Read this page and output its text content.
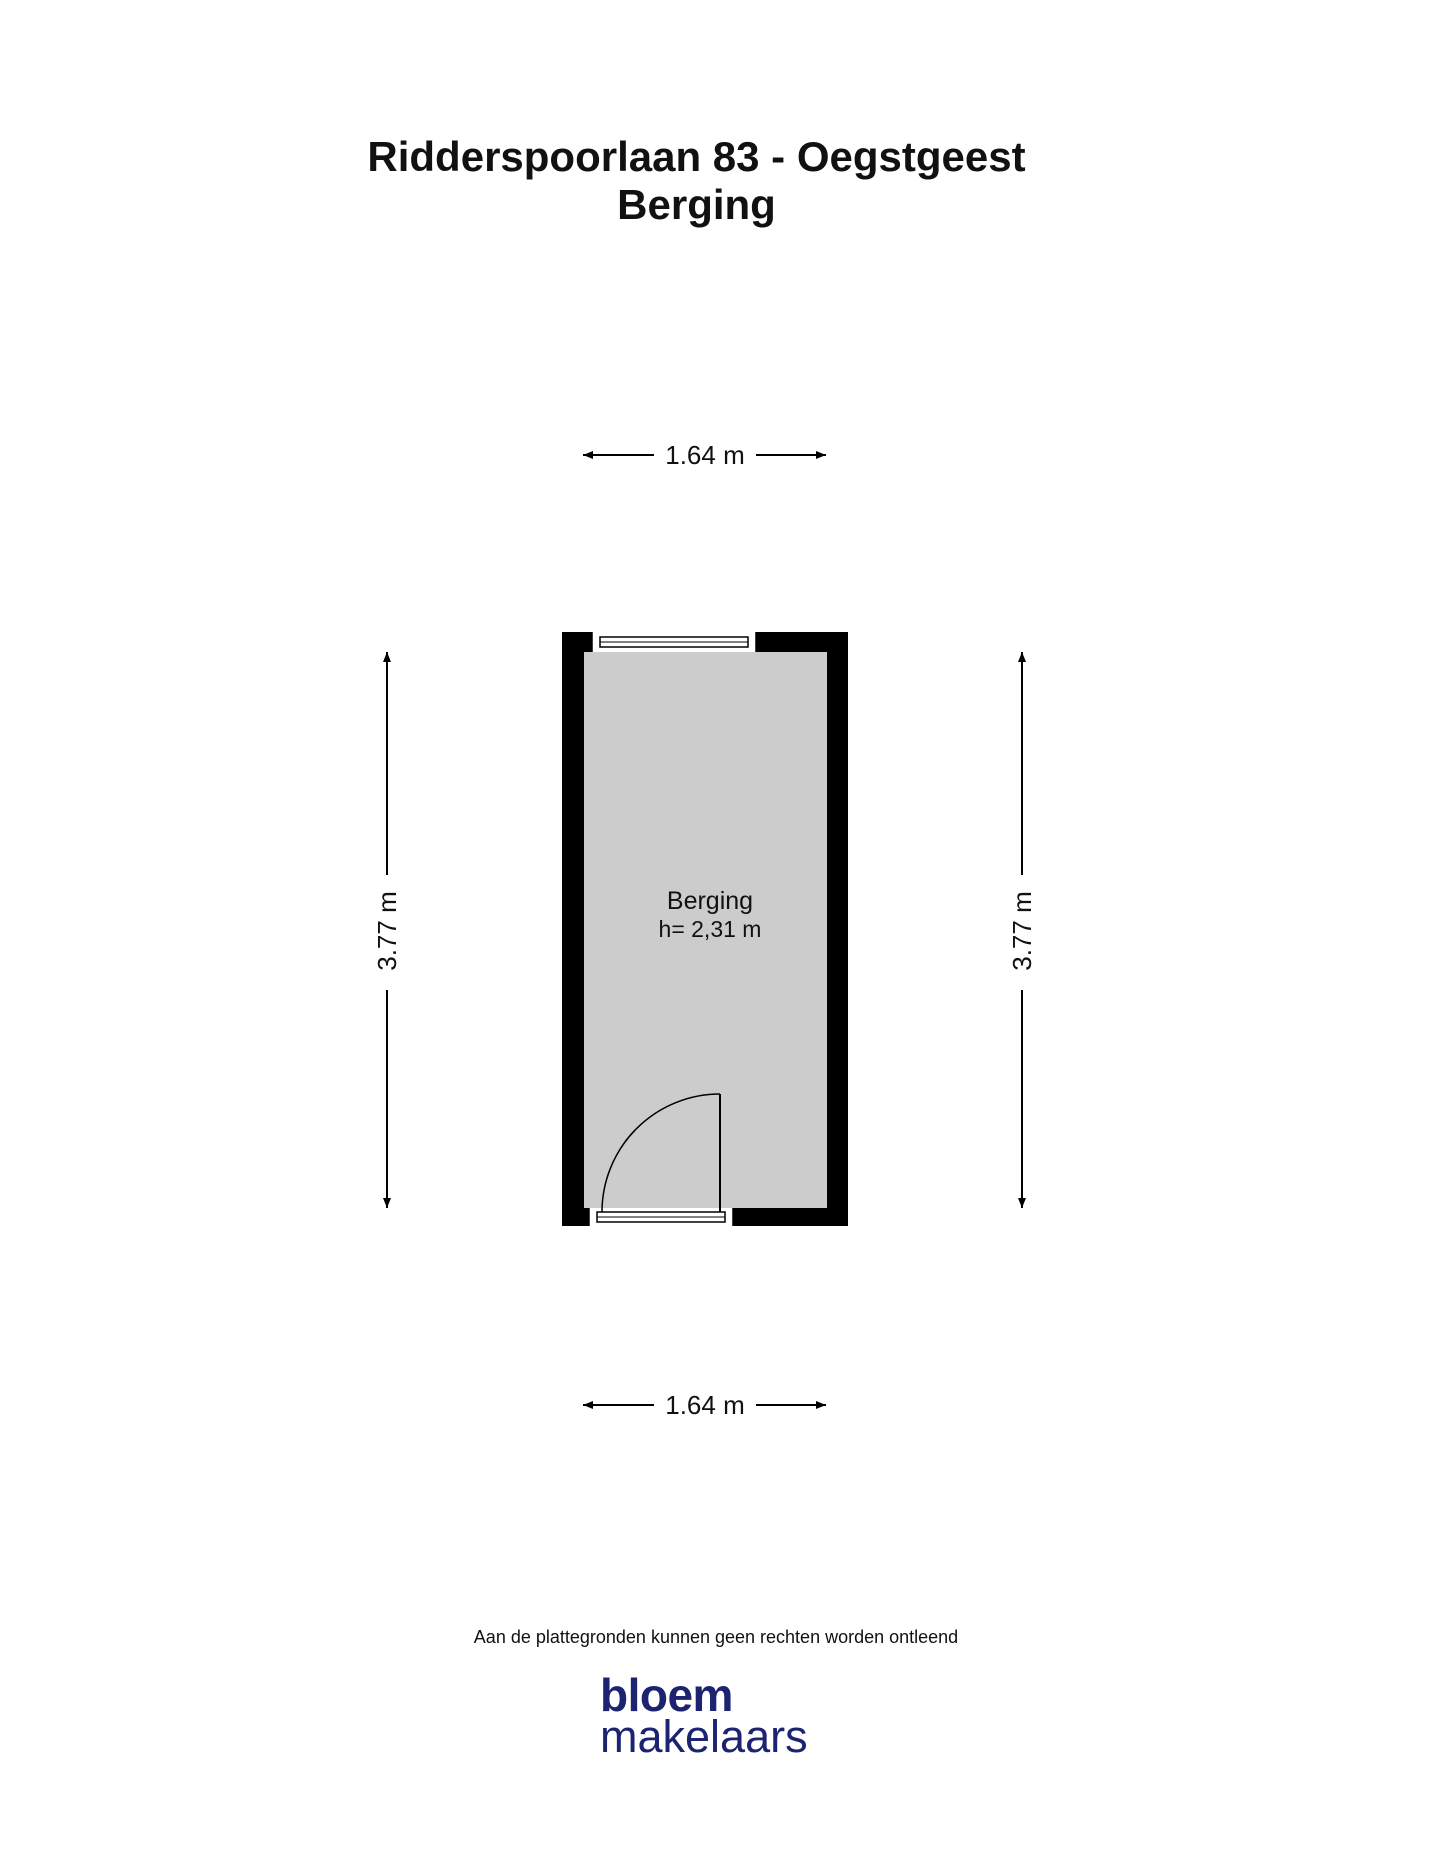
Ridderspoorlaan 83 - Oegstgeest
Berging
1.64 m
1.64 m
3.77 m	3.77 m
Berging
h= 2,31 m
Aan de plattegronden kunnen geen rechten worden ontleend
bloem
makelaars
